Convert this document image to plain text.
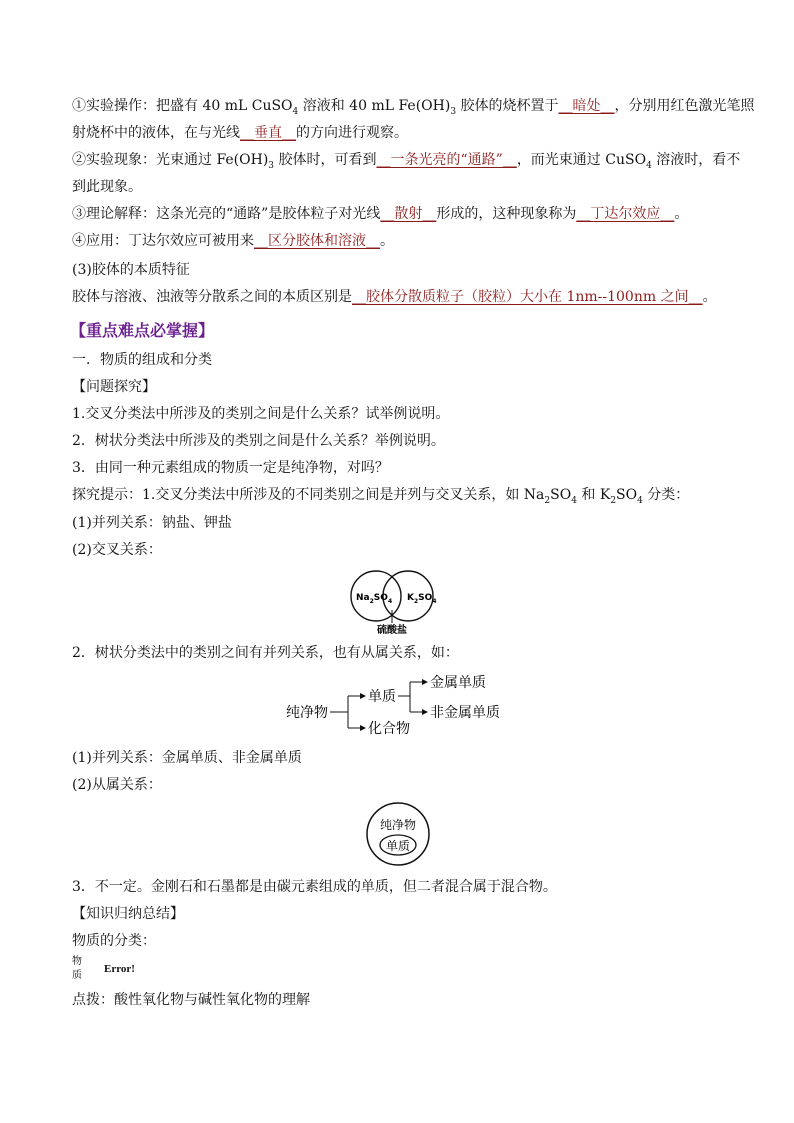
①实验操作：把盛有 40 mL CuSO$_4$ 溶液和 40 mL $Fe(OH)_3$ 胶体的烧杯置于__暗处__，分别用红色激光笔照
射烧杯中的液体，在与光线__垂直__的方向进行观察。
②实验现象：光束通过 $Fe(OH)_3$ 胶体时，可看到__一条光亮的“通路”__，而光束通过 CuSO$_4$ 溶液时，看不
到此现象。
③理论解释：这条光亮的“通路”是胶体粒子对光线__散射__形成的，这种现象称为__丁达尔效应__。
④应用：丁达尔效应可被用来__区分胶体和溶液__。
(3)胶体的本质特征
胶体与溶液、浊液等分散系之间的本质区别是__胶体分散质粒子（胶粒）大小在 1nm--100nm 之间__。
【重点难点必掌握】
一．物质的组成和分类
【问题探究】
1.交叉分类法中所涉及的类别之间是什么关系？试举例说明。
2．树状分类法中所涉及的类别之间是什么关系？举例说明。
3．由同一种元素组成的物质一定是纯净物，对吗？
探究提示：1.交叉分类法中所涉及的不同类别之间是并列与交叉关系，如 $Na_2SO_4$ 和 $K_2SO_4$ 分类：
(1)并列关系：钠盐、钾盐
(2)交叉关系：
$Na_2SO_4$ $K_2SO_4$
硫酸盐
2．树状分类法中的类别之间有并列关系，也有从属关系，如：
纯净物
单质
化合物
金属单质
非金属单质
(1)并列关系：金属单质、非金属单质
(2)从属关系：
纯净物
单质
3．不一定。金刚石和石墨都是由碳元素组成的单质，但二者混合属于混合物。
【知识归纳总结】
物质的分类：
物
质
Error!
点拨：酸性氧化物与碱性氧化物的理解
